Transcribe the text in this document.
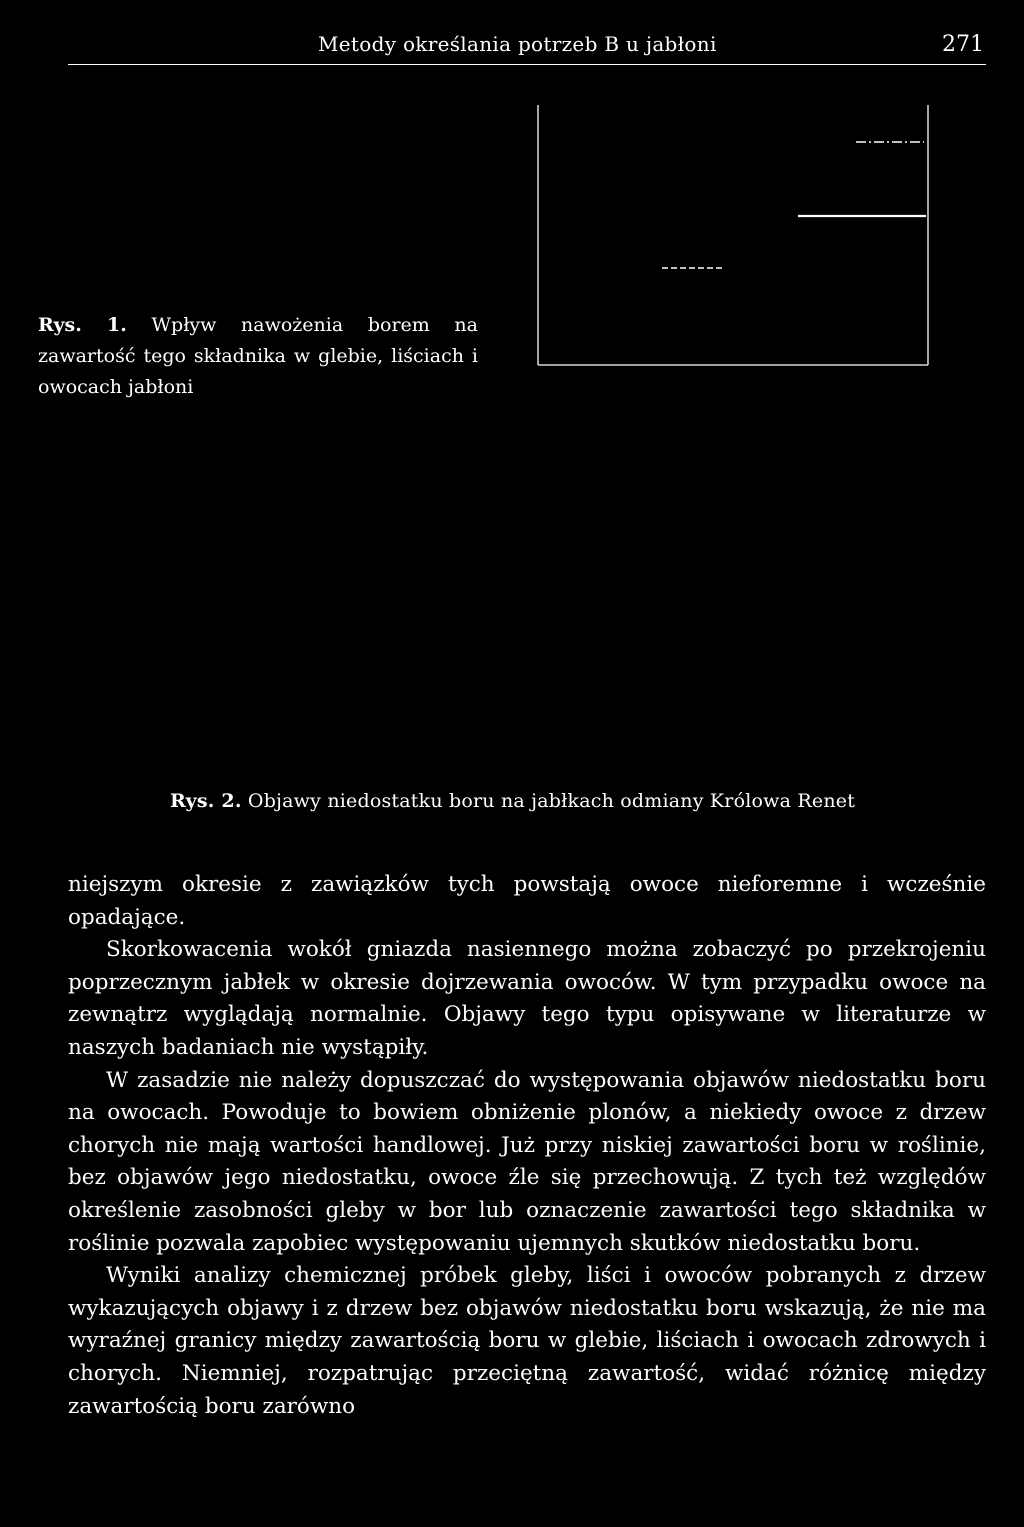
Metody określania potrzeb B u jabłoni	271
Rys. 1. Wpływ nawożenia borem na zawartość tego składnika w glebie, liściach i owocach jabłoni
Rys. 2. Objawy niedostatku boru na jabłkach odmiany Królowa Renet

niejszym okresie z zawiązków tych powstają owoce nieforemne i wcześnie opadające.

Skorkowacenia wokół gniazda nasiennego można zobaczyć po przekrojeniu poprzecznym jabłek w okresie dojrzewania owoców. W tym przypadku owoce na zewnątrz wyglądają normalnie. Objawy tego typu opisywane w literaturze w naszych badaniach nie wystąpiły.

W zasadzie nie należy dopuszczać do występowania objawów niedostatku boru na owocach. Powoduje to bowiem obniżenie plonów, a niekiedy owoce z drzew chorych nie mają wartości handlowej. Już przy niskiej zawartości boru w roślinie, bez objawów jego niedostatku, owoce źle się przechowują. Z tych też względów określenie zasobności gleby w bor lub oznaczenie zawartości tego składnika w roślinie pozwala zapobiec występowaniu ujemnych skutków niedostatku boru.

Wyniki analizy chemicznej próbek gleby, liści i owoców pobranych z drzew wykazujących objawy i z drzew bez objawów niedostatku boru wskazują, że nie ma wyraźnej granicy między zawartością boru w glebie, liściach i owocach zdrowych i chorych. Niemniej, rozpatrując przeciętną zawartość, widać różnicę między zawartością boru zarówno
